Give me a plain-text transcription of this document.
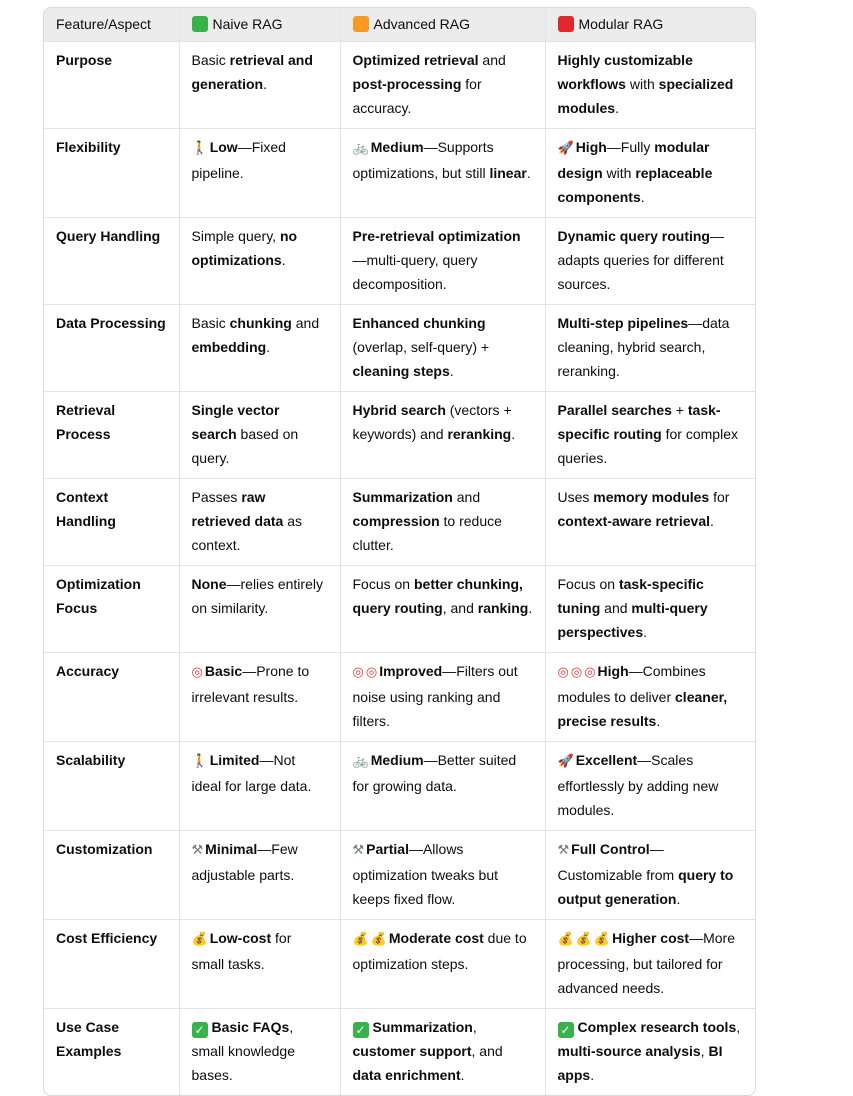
Feature/Aspect	Naive RAG	Advanced RAG	Modular RAG
Purpose	Basic retrieval and generation.	Optimized retrieval and post-processing for accuracy.	Highly customizable workflows with specialized modules.
Flexibility	🚶 Low—Fixed pipeline.	🚲 Medium—Supports optimizations, but still linear.	🚀 High—Fully modular design with replaceable components.
Query Handling	Simple query, no optimizations.	Pre-retrieval optimization—multi-query, query decomposition.	Dynamic query routing—adapts queries for different sources.
Data Processing	Basic chunking and embedding.	Enhanced chunking (overlap, self-query) + cleaning steps.	Multi-step pipelines—data cleaning, hybrid search, reranking.
Retrieval Process	Single vector search based on query.	Hybrid search (vectors + keywords) and reranking.	Parallel searches + task-specific routing for complex queries.
Context Handling	Passes raw retrieved data as context.	Summarization and compression to reduce clutter.	Uses memory modules for context-aware retrieval.
Optimization Focus	None—relies entirely on similarity.	Focus on better chunking, query routing, and ranking.	Focus on task-specific tuning and multi-query perspectives.
Accuracy	◎ Basic—Prone to irrelevant results.	◎ ◎ Improved—Filters out noise using ranking and filters.	◎ ◎ ◎ High—Combines modules to deliver cleaner, precise results.
Scalability	🚶 Limited—Not ideal for large data.	🚲 Medium—Better suited for growing data.	🚀 Excellent—Scales effortlessly by adding new modules.
Customization	⚒ Minimal—Few adjustable parts.	⚒ Partial—Allows optimization tweaks but keeps fixed flow.	⚒ Full Control—Customizable from query to output generation.
Cost Efficiency	💰 Low-cost for small tasks.	💰 💰 Moderate cost due to optimization steps.	💰 💰 💰 Higher cost—More processing, but tailored for advanced needs.
Use Case Examples	✓ Basic FAQs, small knowledge bases.	✓ Summarization, customer support, and data enrichment.	✓ Complex research tools, multi-source analysis, BI apps.
